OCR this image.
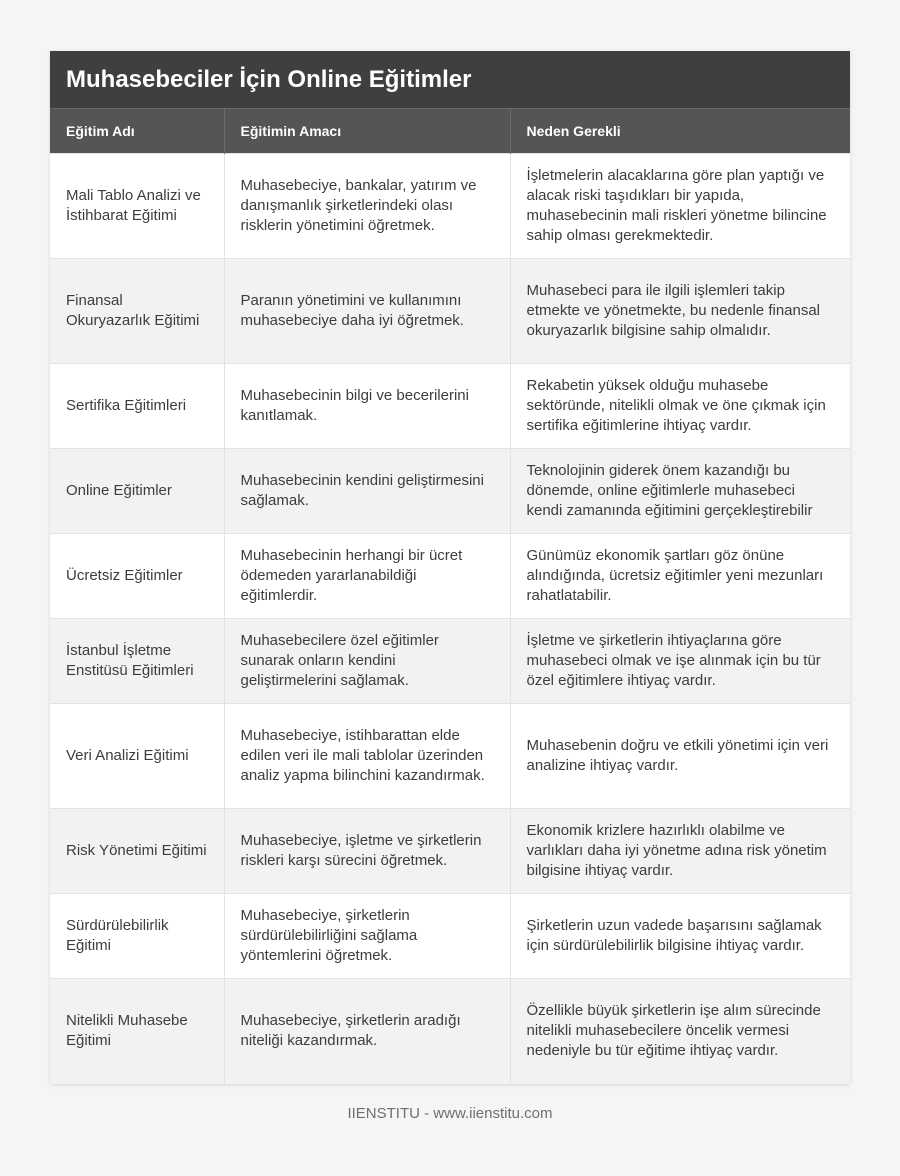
Muhasebeciler İçin Online Eğitimler
Eğitim Adı	Eğitimin Amacı	Neden Gerekli
Mali Tablo Analizi ve İstihbarat Eğitimi	Muhasebeciye, bankalar, yatırım ve danışmanlık şirketlerindeki olası risklerin yönetimini öğretmek.	İşletmelerin alacaklarına göre plan yaptığı ve alacak riski taşıdıkları bir yapıda, muhasebecinin mali riskleri yönetme bilincine sahip olması gerekmektedir.
Finansal Okuryazarlık Eğitimi	Paranın yönetimini ve kullanımını muhasebeciye daha iyi öğretmek.	Muhasebeci para ile ilgili işlemleri takip etmekte ve yönetmekte, bu nedenle finansal okuryazarlık bilgisine sahip olmalıdır.
Sertifika Eğitimleri	Muhasebecinin bilgi ve becerilerini kanıtlamak.	Rekabetin yüksek olduğu muhasebe sektöründe, nitelikli olmak ve öne çıkmak için sertifika eğitimlerine ihtiyaç vardır.
Online Eğitimler	Muhasebecinin kendini geliştirmesini sağlamak.	Teknolojinin giderek önem kazandığı bu dönemde, online eğitimlerle muhasebeci kendi zamanında eğitimini gerçekleştirebilir
Ücretsiz Eğitimler	Muhasebecinin herhangi bir ücret ödemeden yararlanabildiği eğitimlerdir.	Günümüz ekonomik şartları göz önüne alındığında, ücretsiz eğitimler yeni mezunları rahatlatabilir.
İstanbul İşletme Enstitüsü Eğitimleri	Muhasebecilere özel eğitimler sunarak onların kendini geliştirmelerini sağlamak.	İşletme ve şirketlerin ihtiyaçlarına göre muhasebeci olmak ve işe alınmak için bu tür özel eğitimlere ihtiyaç vardır.
Veri Analizi Eğitimi	Muhasebeciye, istihbarattan elde edilen veri ile mali tablolar üzerinden analiz yapma bilinchini kazandırmak.	Muhasebenin doğru ve etkili yönetimi için veri analizine ihtiyaç vardır.
Risk Yönetimi Eğitimi	Muhasebeciye, işletme ve şirketlerin riskleri karşı sürecini öğretmek.	Ekonomik krizlere hazırlıklı olabilme ve varlıkları daha iyi yönetme adına risk yönetim bilgisine ihtiyaç vardır.
Sürdürülebilirlik Eğitimi	Muhasebeciye, şirketlerin sürdürülebilirliğini sağlama yöntemlerini öğretmek.	Şirketlerin uzun vadede başarısını sağlamak için sürdürülebilirlik bilgisine ihtiyaç vardır.
Nitelikli Muhasebe Eğitimi	Muhasebeciye, şirketlerin aradığı niteliği kazandırmak.	Özellikle büyük şirketlerin işe alım sürecinde nitelikli muhasebecilere öncelik vermesi nedeniyle bu tür eğitime ihtiyaç vardır.
IIENSTITU - www.iienstitu.com
